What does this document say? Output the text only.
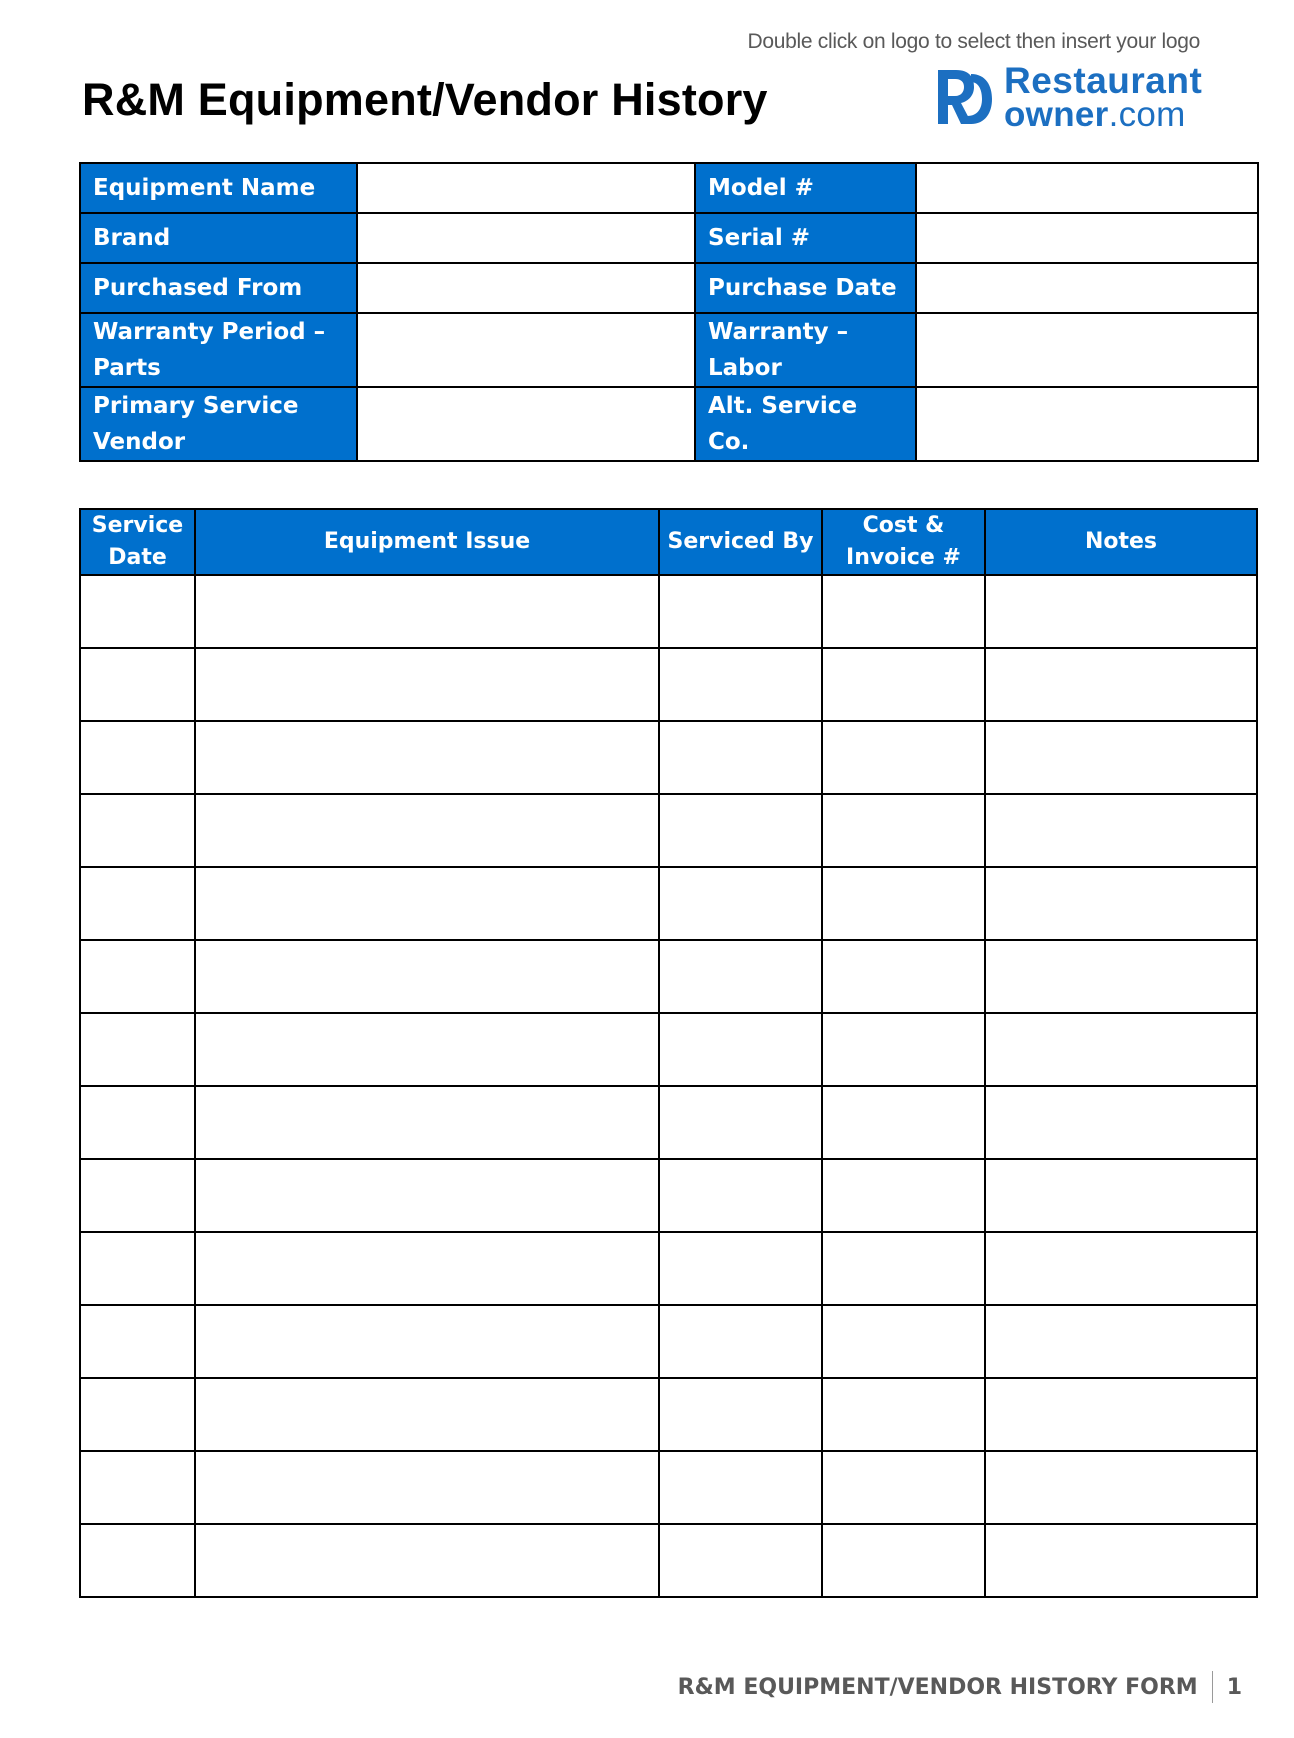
Double click on logo to select then insert your logo
R&M Equipment/Vendor History	Restaurant
owner.com
Equipment Name		Model #	
Brand		Serial #	
Purchased From		Purchase Date	
Warranty Period – Parts		Warranty – Labor	
Primary Service Vendor		Alt. Service Co.	
Service Date	Equipment Issue	Serviced By	Cost & Invoice #	Notes

R&M EQUIPMENT/VENDOR HISTORY FORM 1
